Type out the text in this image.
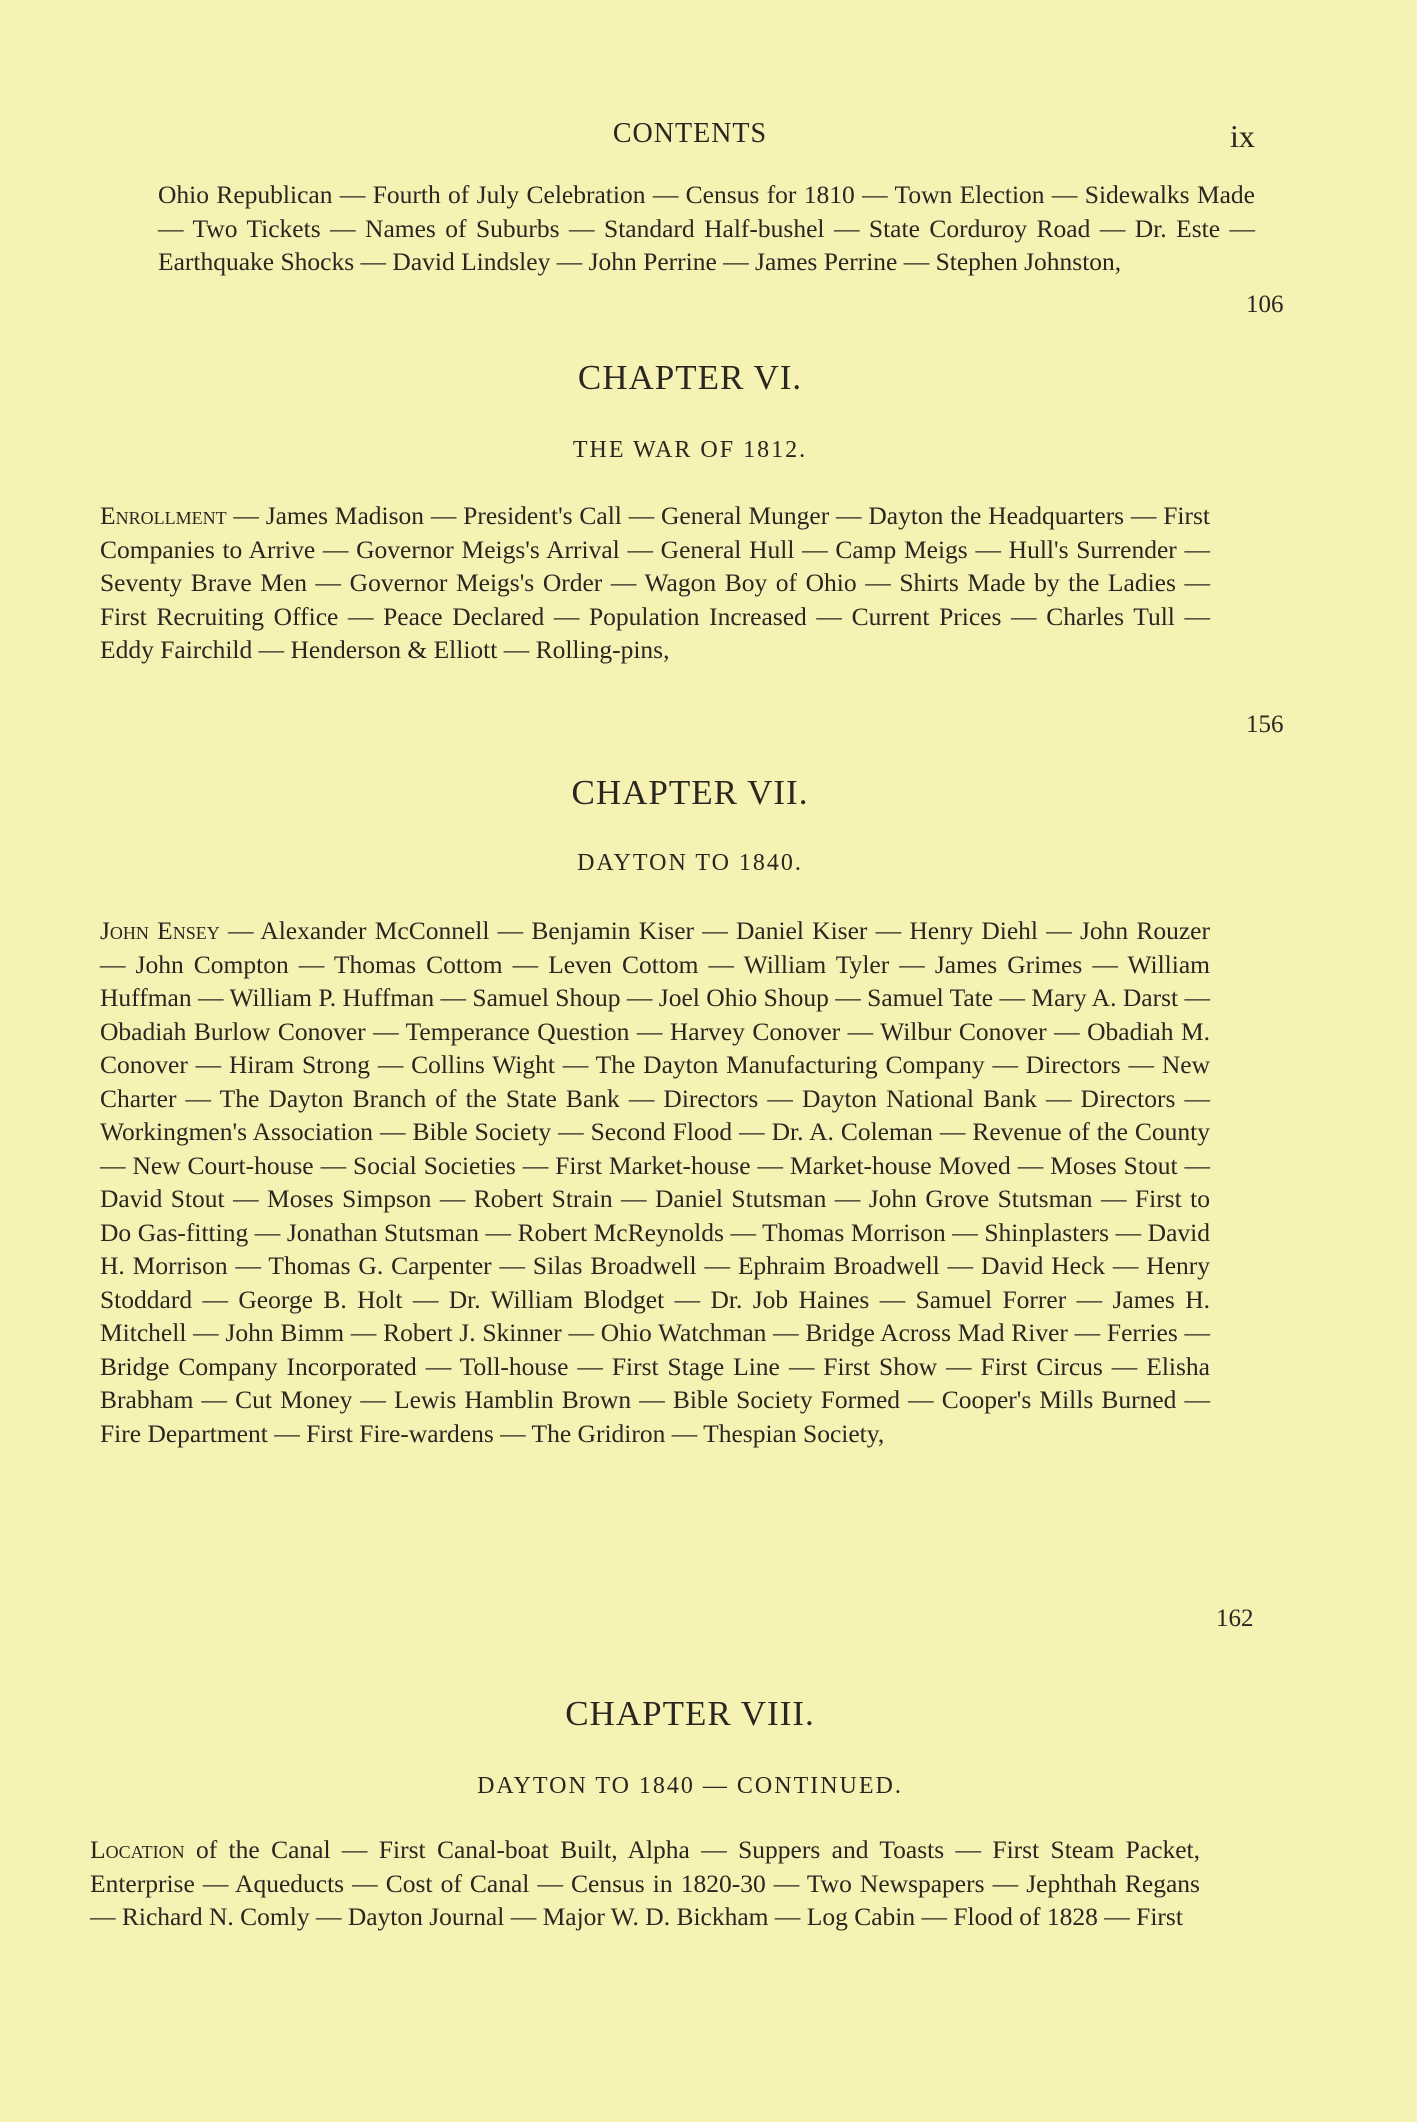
CONTENTS	ix
Ohio Republican — Fourth of July Celebration — Census for 1810 — Town Election — Sidewalks Made — Two Tickets — Names of Suburbs — Standard Half-bushel — State Corduroy Road — Dr. Este — Earthquake Shocks — David Lindsley — John Perrine — James Perrine — Stephen Johnston,
106
CHAPTER VI.
THE WAR OF 1812.
Enrollment — James Madison — President's Call — General Munger — Dayton the Headquarters — First Companies to Arrive — Governor Meigs's Arrival — General Hull — Camp Meigs — Hull's Surrender — Seventy Brave Men — Governor Meigs's Order — Wagon Boy of Ohio — Shirts Made by the Ladies — First Recruiting Office — Peace Declared — Population Increased — Current Prices — Charles Tull — Eddy Fairchild — Henderson & Elliott — Rolling-pins,
156
CHAPTER VII.
DAYTON TO 1840.
John Ensey — Alexander McConnell — Benjamin Kiser — Daniel Kiser — Henry Diehl — John Rouzer — John Compton — Thomas Cottom — Leven Cottom — William Tyler — James Grimes — William Huffman — William P. Huffman — Samuel Shoup — Joel Ohio Shoup — Samuel Tate — Mary A. Darst — Obadiah Burlow Conover — Temperance Question — Harvey Conover — Wilbur Conover — Obadiah M. Conover — Hiram Strong — Collins Wight — The Dayton Manufacturing Company — Directors — New Charter — The Dayton Branch of the State Bank — Directors — Dayton National Bank — Directors — Workingmen's Association — Bible Society — Second Flood — Dr. A. Coleman — Revenue of the County — New Court-house — Social Societies — First Market-house — Market-house Moved — Moses Stout — David Stout — Moses Simpson — Robert Strain — Daniel Stutsman — John Grove Stutsman — First to Do Gas-fitting — Jonathan Stutsman — Robert McReynolds — Thomas Morrison — Shinplasters — David H. Morrison — Thomas G. Carpenter — Silas Broadwell — Ephraim Broadwell — David Heck — Henry Stoddard — George B. Holt — Dr. William Blodget — Dr. Job Haines — Samuel Forrer — James H. Mitchell — John Bimm — Robert J. Skinner — Ohio Watchman — Bridge Across Mad River — Ferries — Bridge Company Incorporated — Toll-house — First Stage Line — First Show — First Circus — Elisha Brabham — Cut Money — Lewis Hamblin Brown — Bible Society Formed — Cooper's Mills Burned — Fire Department — First Fire-wardens — The Gridiron — Thespian Society,
162
CHAPTER VIII.
DAYTON TO 1840 — CONTINUED.
Location of the Canal — First Canal-boat Built, Alpha — Suppers and Toasts — First Steam Packet, Enterprise — Aqueducts — Cost of Canal — Census in 1820-30 — Two Newspapers — Jephthah Regans — Richard N. Comly — Dayton Journal — Major W. D. Bickham — Log Cabin — Flood of 1828 — First
